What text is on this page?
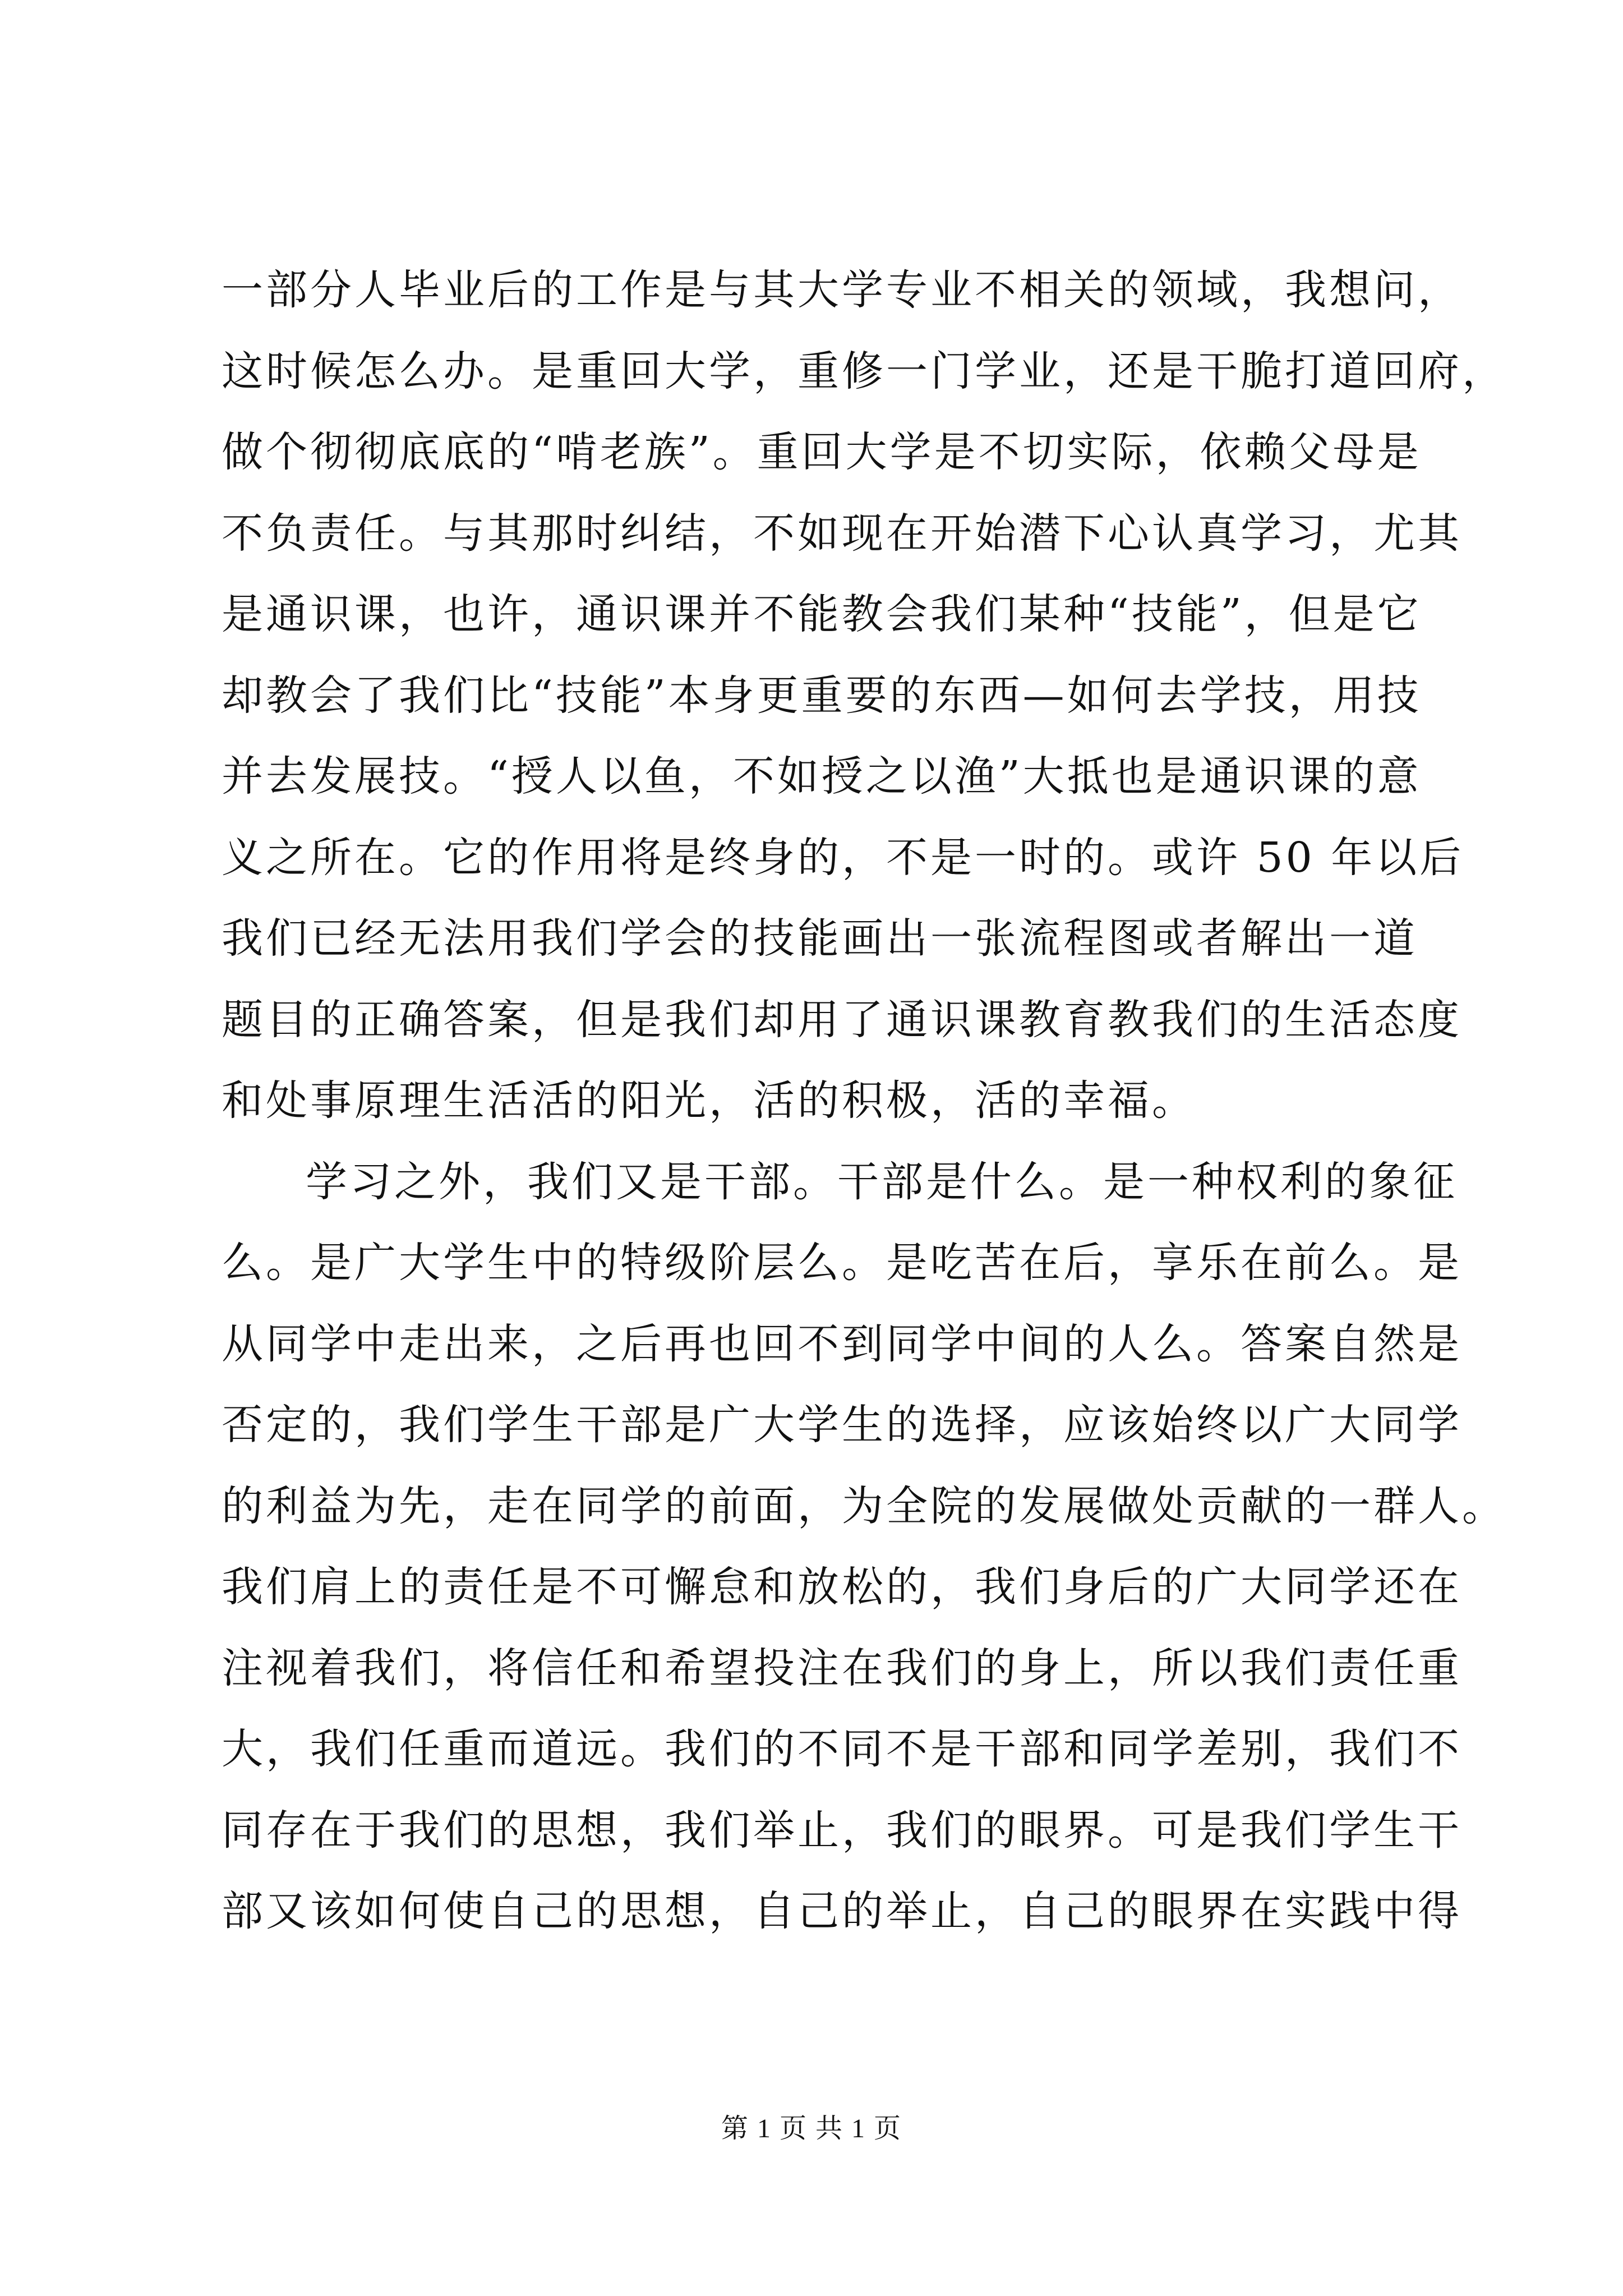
一部分人毕业后的工作是与其大学专业不相关的领域，我想问，
这时候怎么办。是重回大学，重修一门学业，还是干脆打道回府，
做个彻彻底底的“啃老族”。重回大学是不切实际，依赖父母是
不负责任。与其那时纠结，不如现在开始潜下心认真学习，尤其
是通识课，也许，通识课并不能教会我们某种“技能”，但是它
却教会了我们比“技能”本身更重要的东西—如何去学技，用技
并去发展技。“授人以鱼，不如授之以渔”大抵也是通识课的意
义之所在。它的作用将是终身的，不是一时的。或许 50 年以后
我们已经无法用我们学会的技能画出一张流程图或者解出一道
题目的正确答案，但是我们却用了通识课教育教我们的生活态度
和处事原理生活活的阳光，活的积极，活的幸福。
学习之外，我们又是干部。干部是什么。是一种权利的象征
么。是广大学生中的特级阶层么。是吃苦在后，享乐在前么。是
从同学中走出来，之后再也回不到同学中间的人么。答案自然是
否定的，我们学生干部是广大学生的选择，应该始终以广大同学
的利益为先，走在同学的前面，为全院的发展做处贡献的一群人。
我们肩上的责任是不可懈怠和放松的，我们身后的广大同学还在
注视着我们，将信任和希望投注在我们的身上，所以我们责任重
大，我们任重而道远。我们的不同不是干部和同学差别，我们不
同存在于我们的思想，我们举止，我们的眼界。可是我们学生干
部又该如何使自己的思想，自己的举止，自己的眼界在实践中得
第 1 页 共 1 页
